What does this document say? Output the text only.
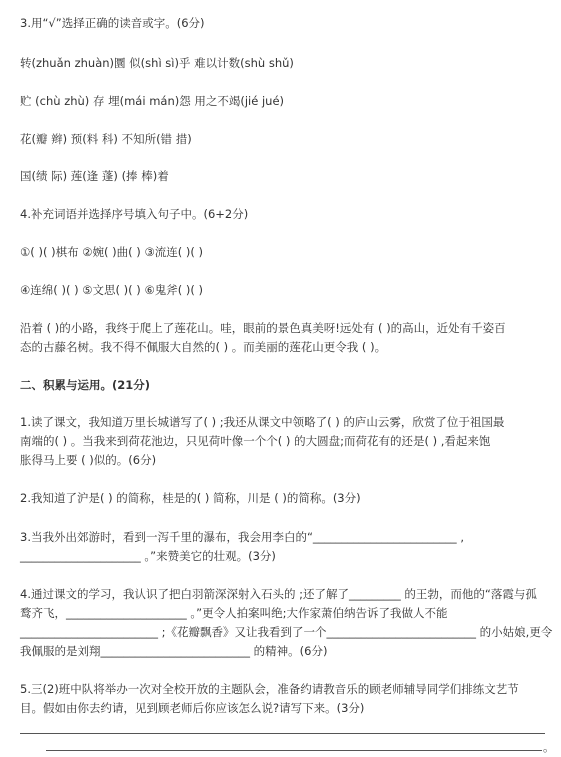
3.用“√”选择正确的读音或字。(6分)
转(zhuǎn zhuàn)圜 似(shì sì)乎 难以计数(shù shǔ)
贮 (chù zhù) 存 埋(mái mán)怨 用之不竭(jié jué)
花(瓣 辫) 预(料 科) 不知所(错 措)
国(绩 际) 莲(逢 蓬) (捧 棒)着
4.补充词语并选择序号填入句子中。(6+2分)
①( )( )棋布 ②婉( )曲( ) ③流连( )( )
④连绵( )( ) ⑤文思( )( ) ⑥鬼斧( )( )
沿着 ( )的小路，我终于爬上了莲花山。哇，眼前的景色真美呀!远处有 ( )的高山，近处有千姿百
态的古藤名树。我不得不佩服大自然的( ) 。而美丽的莲花山更令我 ( )。
二、积累与运用。(21分)
1.读了课文，我知道万里长城谱写了( ) ;我还从课文中领略了( ) 的庐山云雾，欣赏了位于祖国最
南端的( ) 。当我来到荷花池边，只见荷叶像一个个( ) 的大圆盘;而荷花有的还是( ) ,看起来饱
胀得马上要 ( )似的。(6分)
2.我知道了沪是( ) 的简称，桂是的( ) 简称，川是 ( )的简称。(3分)
3.当我外出郊游时，看到一泻千里的瀑布，我会用李白的“_________________________ ,
_____________________ 。”来赞美它的壮观。(3分)
4.通过课文的学习，我认识了把白羽箭深深射入石头的 ;还了解了_________ 的王勃，而他的“落霞与孤
鹜齐飞，_____________________ 。”更令人拍案叫绝;大作家萧伯纳告诉了我做人不能
________________________ ;《花瓣飘香》又让我看到了一个__________________________ 的小姑娘,更令
我佩服的是刘翔__________________________ 的精神。(6分)
5.三(2)班中队将举办一次对全校开放的主题队会，准备约请教音乐的顾老师辅导同学们排练文艺节
目。假如由你去约请，见到顾老师后你应该怎么说?请写下来。(3分)
。
